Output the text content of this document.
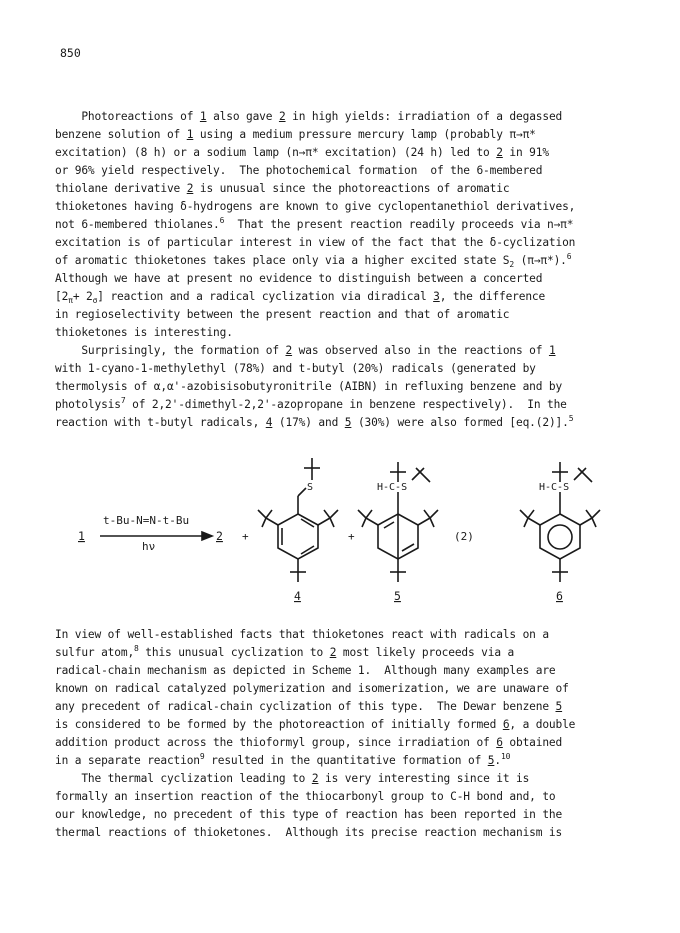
850
Photoreactions of 1 also gave 2 in high yields: irradiation of a degassed
benzene solution of 1 using a medium pressure mercury lamp (probably π→π*
excitation) (8 h) or a sodium lamp (n→π* excitation) (24 h) led to 2 in 91%
or 96% yield respectively.  The photochemical formation  of the 6-membered
thiolane derivative 2 is unusual since the photoreactions of aromatic
thioketones having δ-hydrogens are known to give cyclopentanethiol derivatives,
not 6-membered thiolanes.$^6$  That the present reaction readily proceeds via n→π*
excitation is of particular interest in view of the fact that the δ-cyclization
of aromatic thioketones takes place only via a higher excited state $S_2$ (π→π*).$^6$
Although we have at present no evidence to distinguish between a concerted
$[2_\pi+ 2_\sigma]$ reaction and a radical cyclization via diradical 3, the difference
in regioselectivity between the present reaction and that of aromatic
thioketones is interesting.
Surprisingly, the formation of 2 was observed also in the reactions of 1
with 1-cyano-1-methylethyl (78%) and t-butyl (20%) radicals (generated by
thermolysis of α,α'-azobisisobutyronitrile (AIBN) in refluxing benzene and by
photolysis$^7$ of 2,2'-dimethyl-2,2'-azopropane in benzene respectively).  In the
reaction with t-butyl radicals, 4 (17%) and 5 (30%) were also formed [eq.(2)].$^5$
1
t-Bu-N=N-t-Bu
hν
2 +
S
4
+
H-C-S
5
(2)
H-C-S
6
In view of well-established facts that thioketones react with radicals on a
sulfur atom,$^8$ this unusual cyclization to 2 most likely proceeds via a
radical-chain mechanism as depicted in Scheme 1.  Although many examples are
known on radical catalyzed polymerization and isomerization, we are unaware of
any precedent of radical-chain cyclization of this type.  The Dewar benzene 5
is considered to be formed by the photoreaction of initially formed 6, a double
addition product across the thioformyl group, since irradiation of 6 obtained
in a separate reaction$^9$ resulted in the quantitative formation of 5.10
The thermal cyclization leading to 2 is very interesting since it is
formally an insertion reaction of the thiocarbonyl group to C-H bond and, to
our knowledge, no precedent of this type of reaction has been reported in the
thermal reactions of thioketones.  Although its precise reaction mechanism is
